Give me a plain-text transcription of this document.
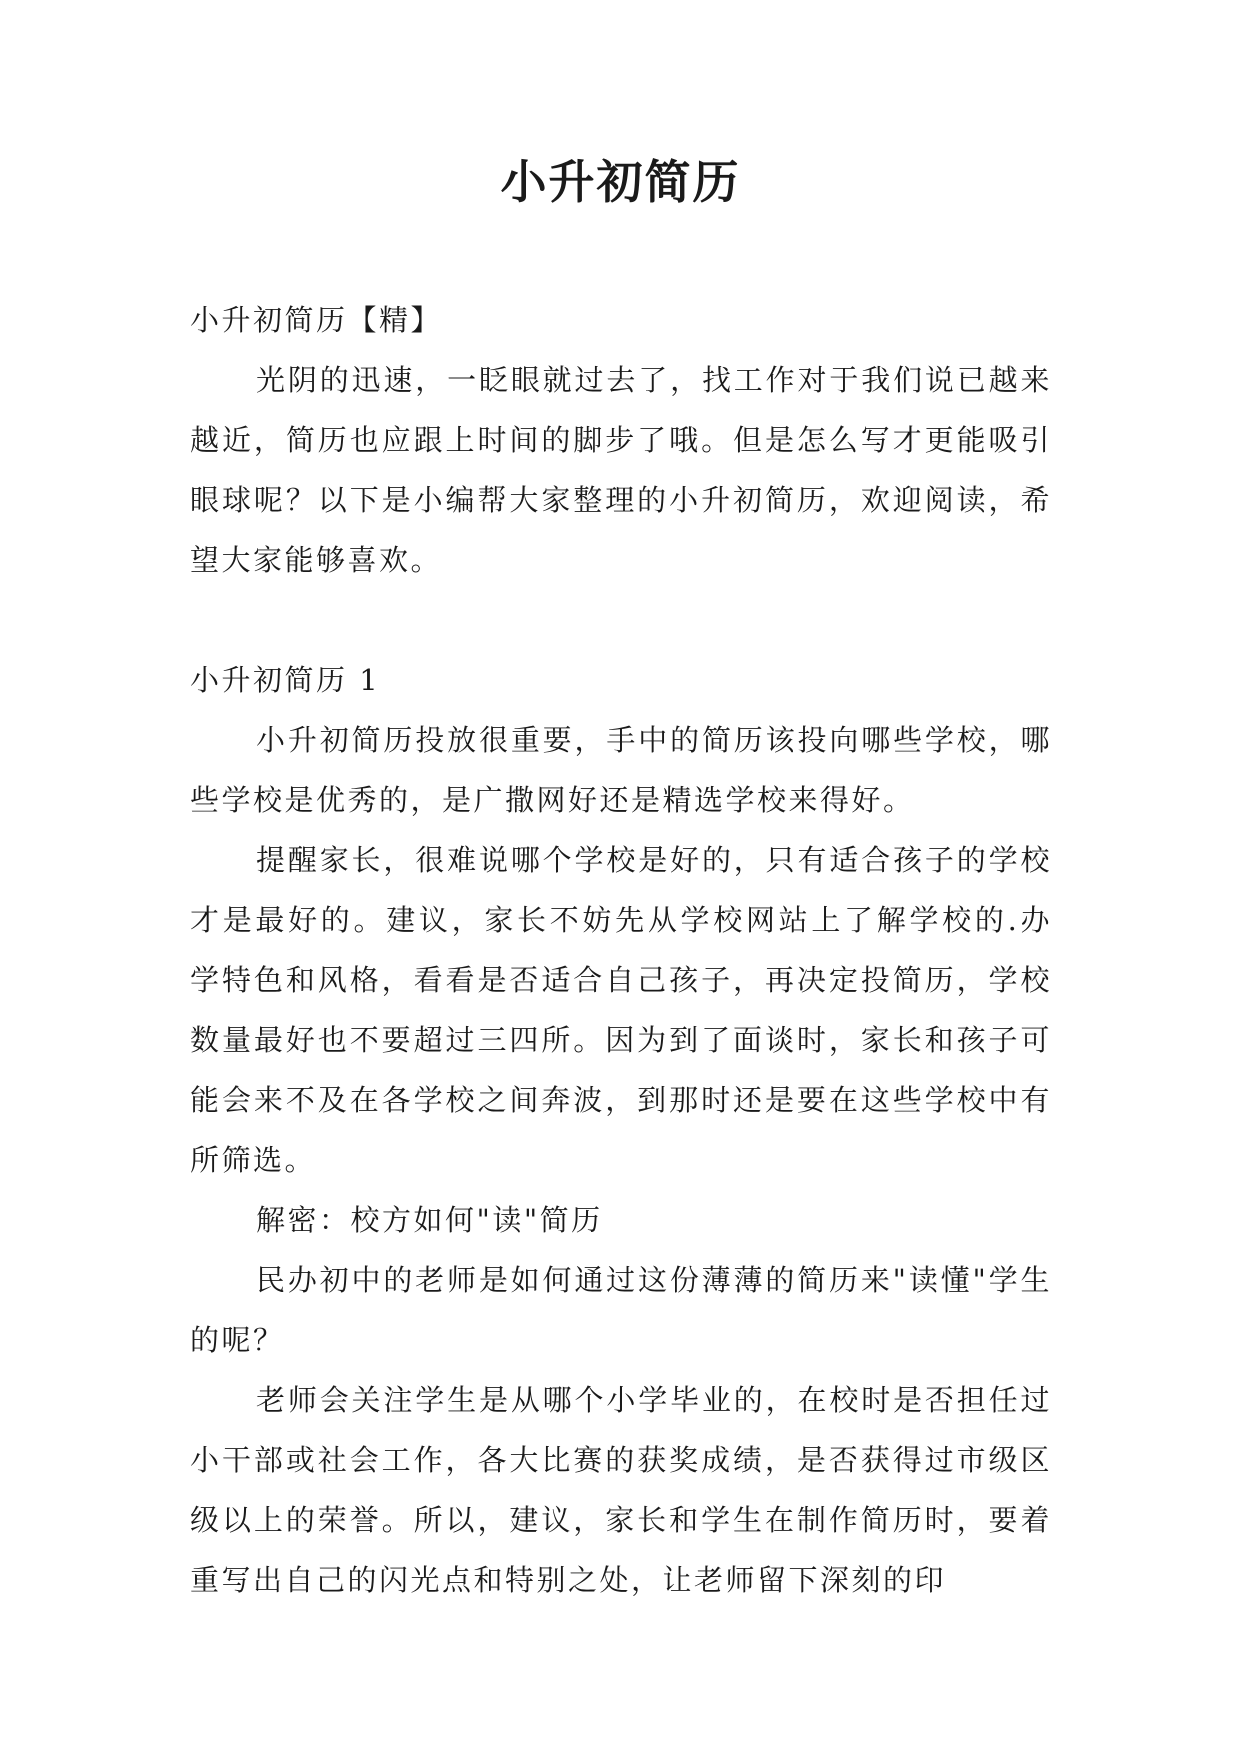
小升初简历

小升初简历【精】

光阴的迅速，一眨眼就过去了，找工作对于我们说已越来越近，简历也应跟上时间的脚步了哦。但是怎么写才更能吸引眼球呢？以下是小编帮大家整理的小升初简历，欢迎阅读，希望大家能够喜欢。

小升初简历 1

小升初简历投放很重要，手中的简历该投向哪些学校，哪些学校是优秀的，是广撒网好还是精选学校来得好。

提醒家长，很难说哪个学校是好的，只有适合孩子的学校才是最好的。建议，家长不妨先从学校网站上了解学校的.办学特色和风格，看看是否适合自己孩子，再决定投简历，学校数量最好也不要超过三四所。因为到了面谈时，家长和孩子可能会来不及在各学校之间奔波，到那时还是要在这些学校中有所筛选。

解密：校方如何"读"简历

民办初中的老师是如何通过这份薄薄的简历来"读懂"学生的呢？

老师会关注学生是从哪个小学毕业的，在校时是否担任过小干部或社会工作，各大比赛的获奖成绩，是否获得过市级区级以上的荣誉。所以，建议，家长和学生在制作简历时，要着重写出自己的闪光点和特别之处，让老师留下深刻的印
